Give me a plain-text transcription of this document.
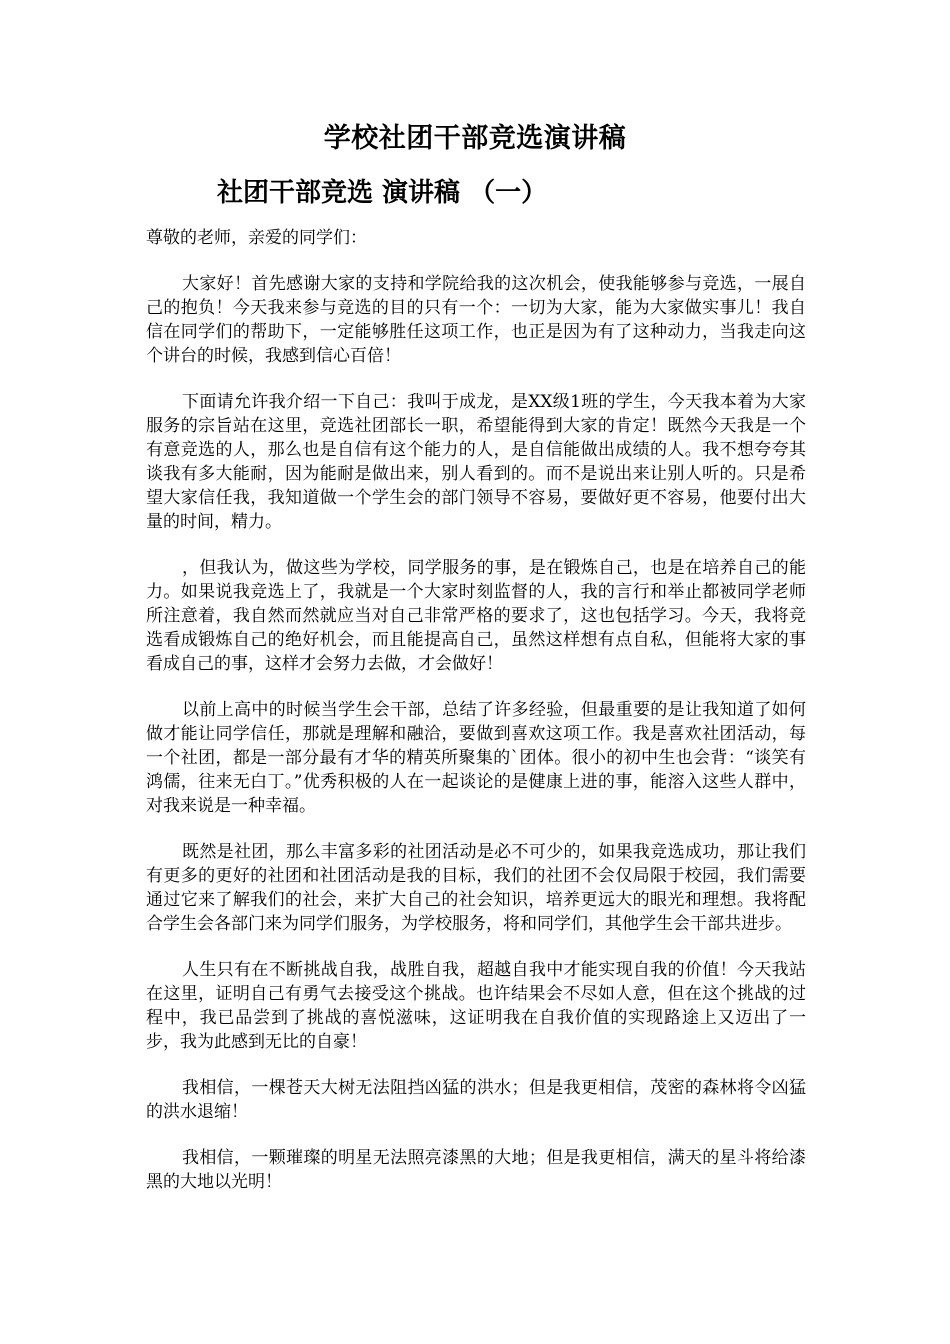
学校社团干部竞选演讲稿
社团干部竞选 演讲稿 （一）

尊敬的老师，亲爱的同学们：

大家好！首先感谢大家的支持和学院给我的这次机会，使我能够参与竞选，一展自己的抱负！今天我来参与竞选的目的只有一个：一切为大家，能为大家做实事儿！我自信在同学们的帮助下，一定能够胜任这项工作，也正是因为有了这种动力，当我走向这个讲台的时候，我感到信心百倍！

下面请允许我介绍一下自己：我叫于成龙，是XX级1班的学生，今天我本着为大家服务的宗旨站在这里，竞选社团部长一职，希望能得到大家的肯定！既然今天我是一个有意竞选的人，那么也是自信有这个能力的人，是自信能做出成绩的人。我不想夸夸其谈我有多大能耐，因为能耐是做出来，别人看到的。而不是说出来让别人听的。只是希望大家信任我，我知道做一个学生会的部门领导不容易，要做好更不容易，他要付出大量的时间，精力。

，但我认为，做这些为学校，同学服务的事，是在锻炼自己，也是在培养自己的能力。如果说我竞选上了，我就是一个大家时刻监督的人，我的言行和举止都被同学老师所注意着，我自然而然就应当对自己非常严格的要求了，这也包括学习。今天，我将竞选看成锻炼自己的绝好机会，而且能提高自己，虽然这样想有点自私，但能将大家的事看成自己的事，这样才会努力去做，才会做好！

以前上高中的时候当学生会干部，总结了许多经验，但最重要的是让我知道了如何做才能让同学信任，那就是理解和融洽，要做到喜欢这项工作。我是喜欢社团活动，每一个社团，都是一部分最有才华的精英所聚集的`团体。很小的初中生也会背：“谈笑有鸿儒，往来无白丁。”优秀积极的人在一起谈论的是健康上进的事，能溶入这些人群中，对我来说是一种幸福。

既然是社团，那么丰富多彩的社团活动是必不可少的，如果我竞选成功，那让我们有更多的更好的社团和社团活动是我的目标，我们的社团不会仅局限于校园，我们需要通过它来了解我们的社会，来扩大自己的社会知识，培养更远大的眼光和理想。我将配合学生会各部门来为同学们服务，为学校服务，将和同学们，其他学生会干部共进步。

人生只有在不断挑战自我，战胜自我，超越自我中才能实现自我的价值！今天我站在这里，证明自己有勇气去接受这个挑战。也许结果会不尽如人意，但在这个挑战的过程中，我已品尝到了挑战的喜悦滋味，这证明我在自我价值的实现路途上又迈出了一步，我为此感到无比的自豪！

我相信，一棵苍天大树无法阻挡凶猛的洪水；但是我更相信，茂密的森林将令凶猛的洪水退缩！

我相信，一颗璀璨的明星无法照亮漆黑的大地；但是我更相信，满天的星斗将给漆黑的大地以光明！
